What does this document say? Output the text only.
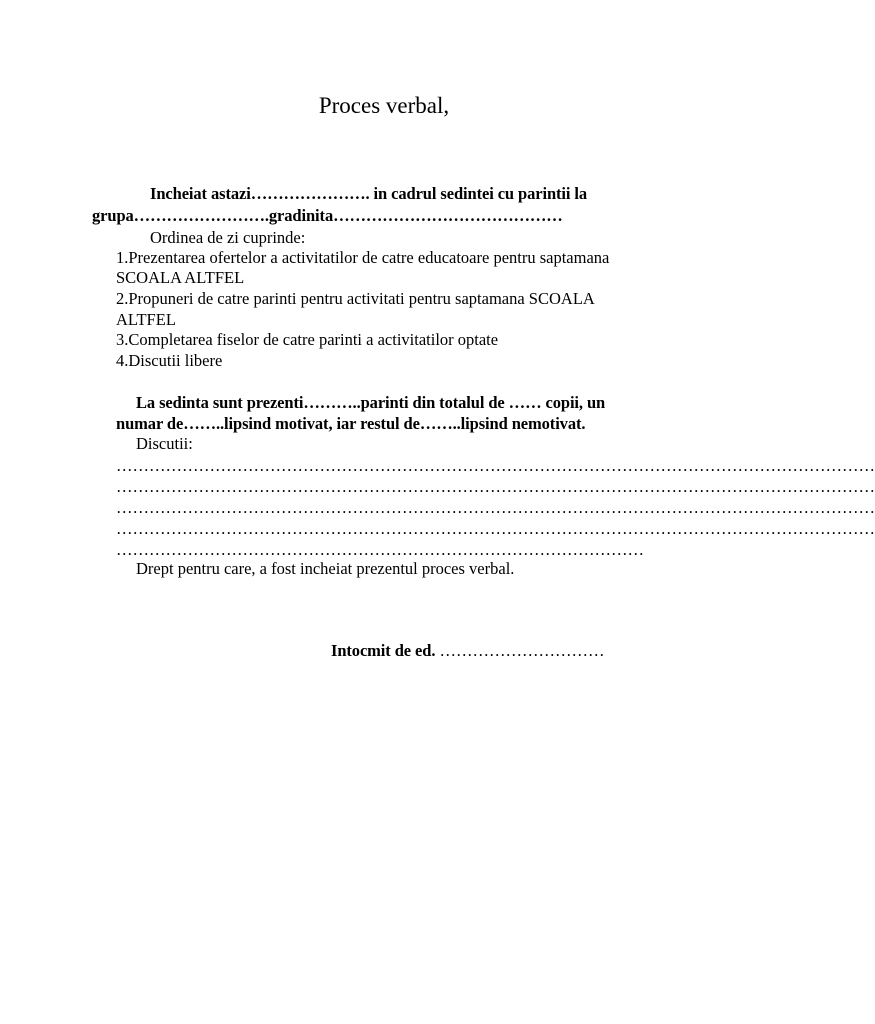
Proces verbal,
Incheiat astazi…………………. in cadrul sedintei cu parintii la
grupa…………………….gradinita……………………………………
Ordinea de zi cuprinde:
1.Prezentarea ofertelor a activitatilor de catre educatoare pentru saptamana
SCOALA ALTFEL
2.Propuneri de catre parinti pentru activitati pentru saptamana SCOALA
ALTFEL
3.Completarea fiselor de catre parinti a activitatilor optate
4.Discutii libere
La sedinta sunt prezenti………..parinti din totalul de …… copii, un
numar de……..lipsind motivat, iar restul de……..lipsind nemotivat.
Discutii:
…………………………………………………………………………………………………………………………
…………………………………………………………………………………………………………………………
…………………………………………………………………………………………………………………………
…………………………………………………………………………………………………………………………
……………………………………………………………………………………
Drept pentru care, a fost incheiat prezentul proces verbal.
Intocmit de ed. …………………………
